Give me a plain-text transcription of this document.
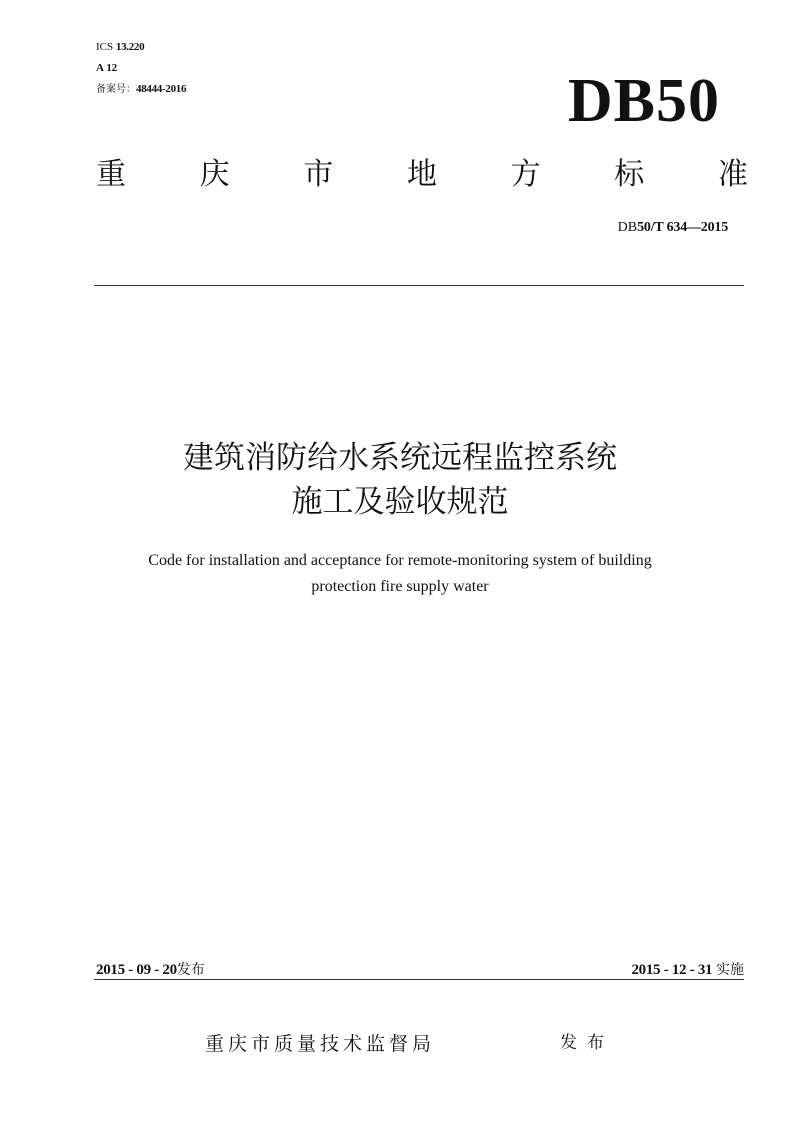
ICS 13.220
A 12
备案号：48444-2016	DB50
重 庆 市 地 方 标 准
DB50/T 634—2015
建筑消防给水系统远程监控系统
施工及验收规范
Code for installation and acceptance for remote-monitoring system of building
protection fire supply water
2015 - 09 - 20发布	2015 - 12 - 31 实施
重庆市质量技术监督局	发布
